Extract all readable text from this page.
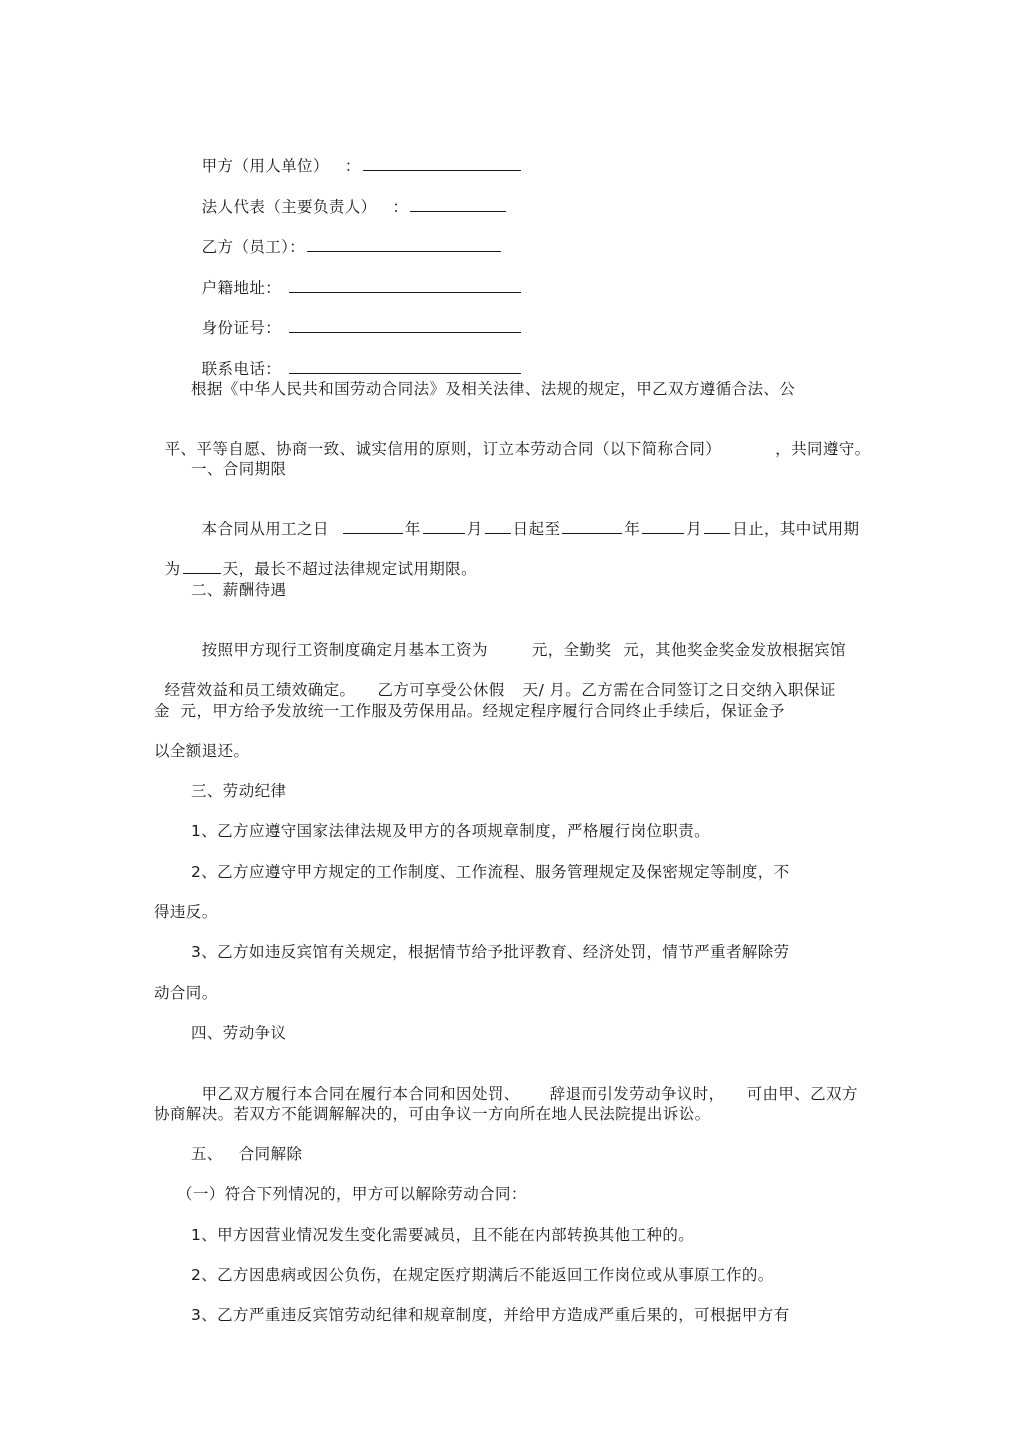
甲方（用人单位）   ：

法人代表（主要负责人）   ：

乙方（员工）：

户籍地址：

身份证号：

联系电话：

根据《中华人民共和国劳动合同法》及相关法律、法规的规定，甲乙双方遵循合法、公

平、平等自愿、协商一致、诚实信用的原则，订立本劳动合同（以下简称合同）	，共同遵守。

一、合同期限

本合同从用工之日	年	月 日起至	年	月 日止，其中试用期

为	天，最长不超过法律规定试用期限。

二、薪酬待遇

按照甲方现行工资制度确定月基本工资为	元，全勤奖 元，其他奖金奖金发放根据宾馆

经营效益和员工绩效确定。 乙方可享受公休假 天/ 月。乙方需在合同签订之日交纳入职保证

金  元，甲方给予发放统一工作服及劳保用品。经规定程序履行合同终止手续后，保证金予
以全额退还。
三、劳动纪律
1、乙方应遵守国家法律法规及甲方的各项规章制度，严格履行岗位职责。
2、乙方应遵守甲方规定的工作制度、工作流程、服务管理规定及保密规定等制度，不
得违反。
3、乙方如违反宾馆有关规定，根据情节给予批评教育、经济处罚，情节严重者解除劳
动合同。
四、劳动争议

甲乙双方履行本合同在履行本合同和因处罚、 辞退而引发劳动争议时， 可由甲、乙双方

协商解决。若双方不能调解解决的，可由争议一方向所在地人民法院提出诉讼。
五、   合同解除
（一）符合下列情况的，甲方可以解除劳动合同：
1、甲方因营业情况发生变化需要减员，且不能在内部转换其他工种的。
2、乙方因患病或因公负伤，在规定医疗期满后不能返回工作岗位或从事原工作的。
3、乙方严重违反宾馆劳动纪律和规章制度，并给甲方造成严重后果的，可根据甲方有
